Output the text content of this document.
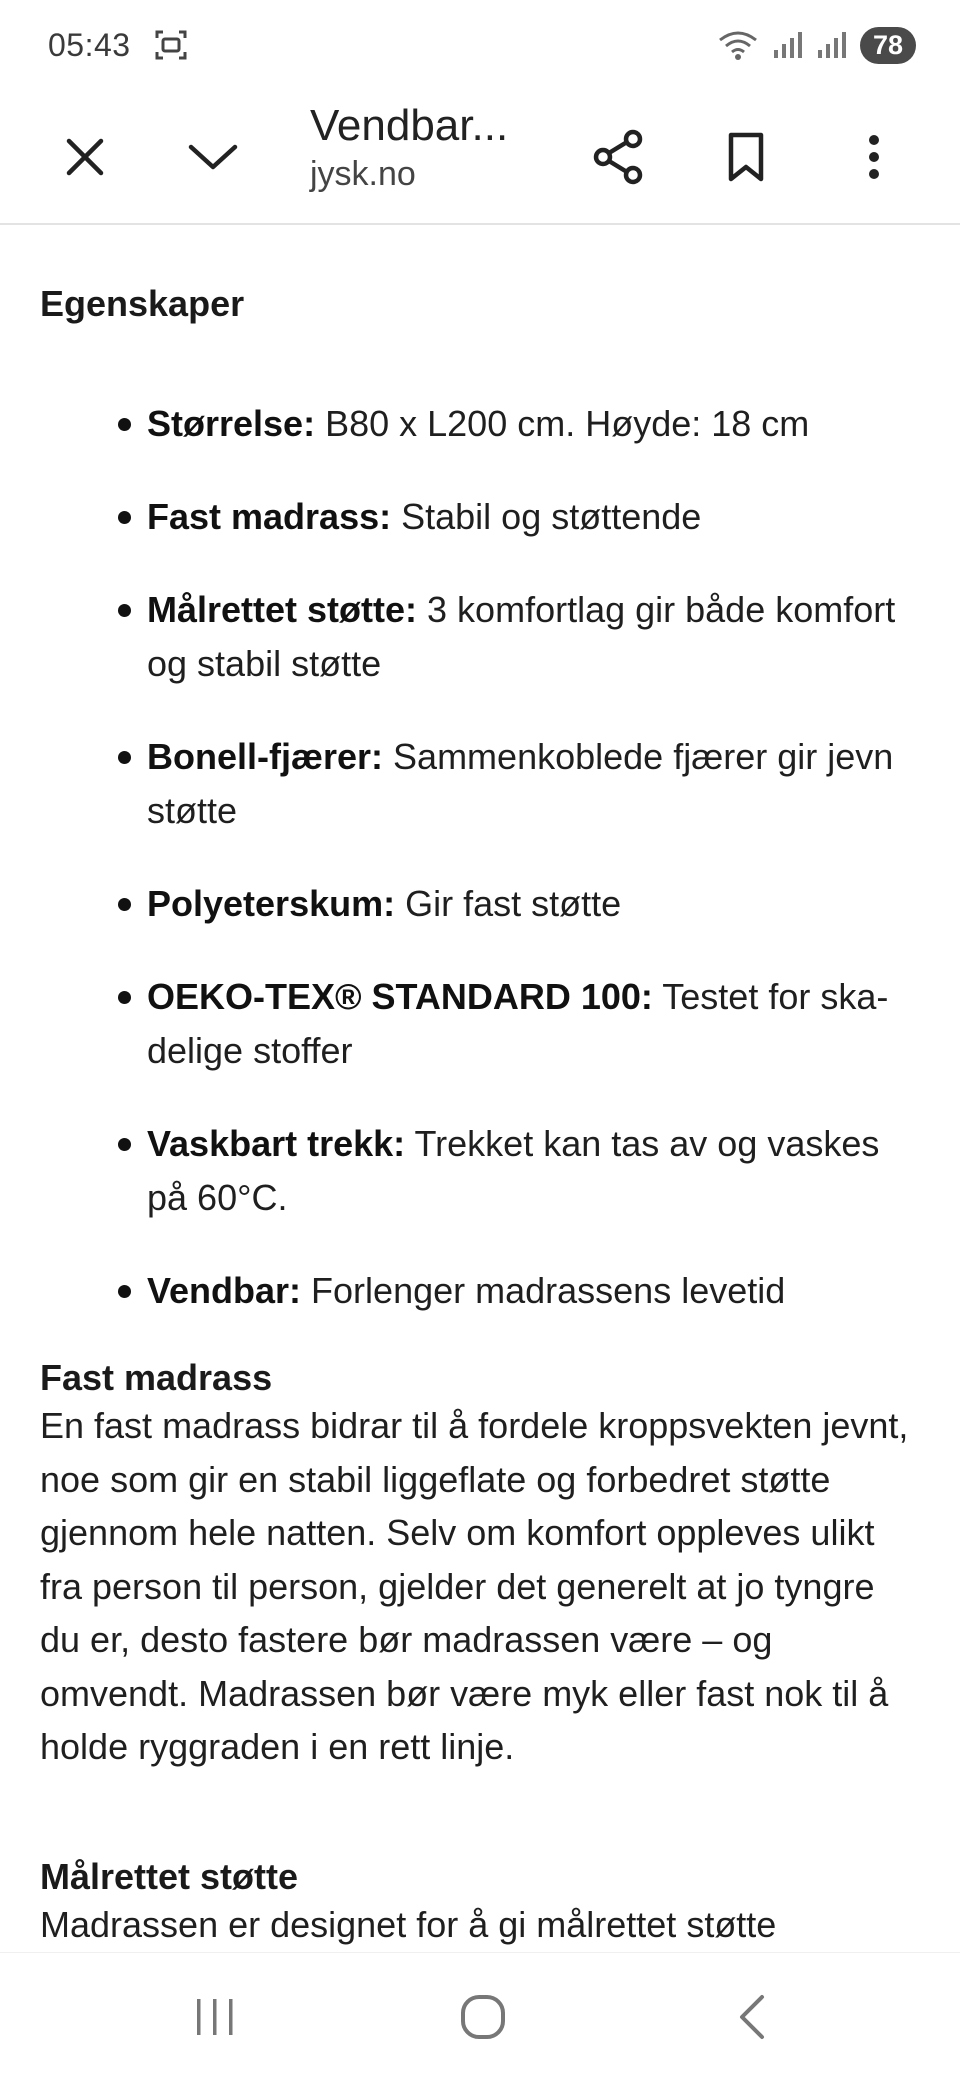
05:43	78
Vendbar...
jysk.no
Egenskaper
Størrelse: B80 x L200 cm. Høyde: 18 cm
Fast madrass: Stabil og støttende
Målrettet støtte: 3 komfortlag gir både komfort og stabil støtte
Bonell-fjærer: Sammenkoblede fjærer gir jevn støtte
Polyeterskum: Gir fast støtte
OEKO-TEX® STANDARD 100: Testet for skadelige stoffer
Vaskbart trekk: Trekket kan tas av og vaskes på 60°C.
Vendbar: Forlenger madrassens levetid
Fast madrass

En fast madrass bidrar til å fordele kroppsvekten jevnt, noe som gir en stabil liggeflate og forbedret støtte gjennom hele natten. Selv om komfort oppleves ulikt fra person til person, gjelder det generelt at jo tyngre du er, desto fastere bør madrassen være – og omvendt. Madrassen bør være myk eller fast nok til å holde ryggraden i en rett linje.

Målrettet støtte

Madrassen er designet for å gi målrettet støtte
